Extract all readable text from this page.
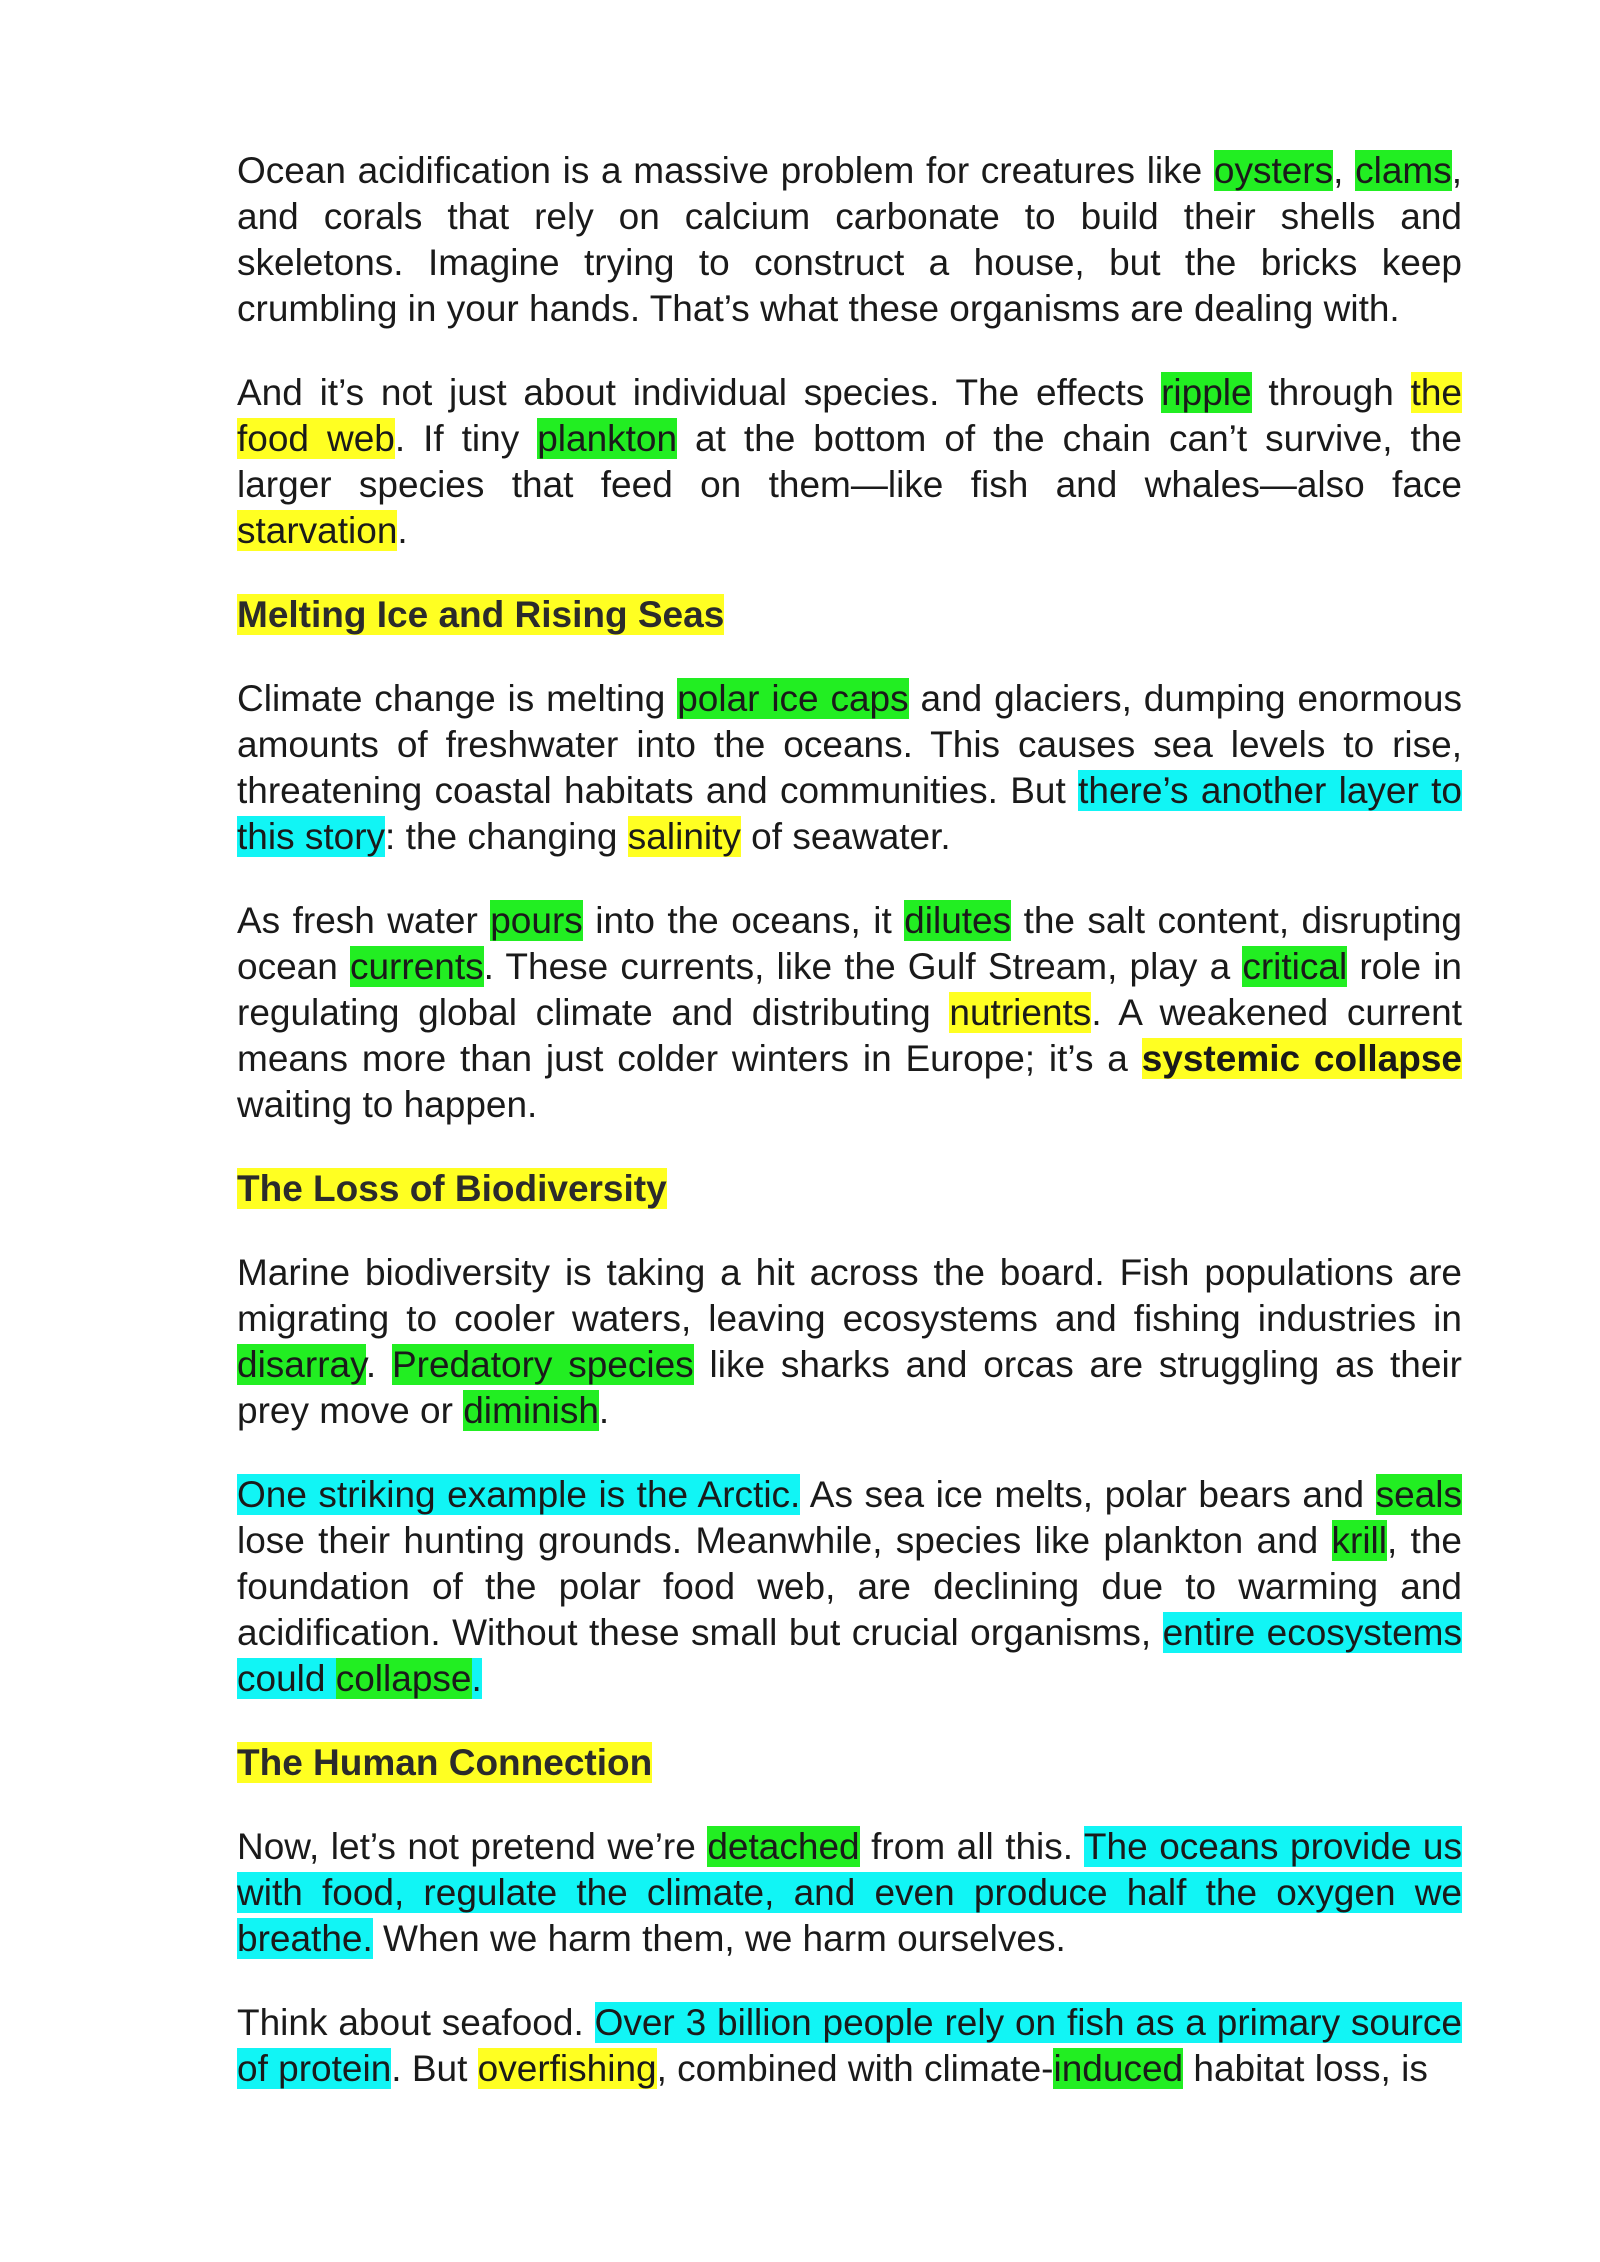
Ocean acidification is a massive problem for creatures like oysters, clams, and corals that rely on calcium carbonate to build their shells and skeletons. Imagine trying to construct a house, but the bricks keep crumbling in your hands. That’s what these organisms are dealing with.

And it’s not just about individual species. The effects ripple through the food web. If tiny plankton at the bottom of the chain can’t survive, the larger species that feed on them—like fish and whales—also face starvation.

Melting Ice and Rising Seas

Climate change is melting polar ice caps and glaciers, dumping enormous amounts of freshwater into the oceans. This causes sea levels to rise, threatening coastal habitats and communities. But there’s another layer to this story: the changing salinity of seawater.

As fresh water pours into the oceans, it dilutes the salt content, disrupting ocean currents. These currents, like the Gulf Stream, play a critical role in regulating global climate and distributing nutrients. A weakened current means more than just colder winters in Europe; it’s a systemic collapse waiting to happen.

The Loss of Biodiversity

Marine biodiversity is taking a hit across the board. Fish populations are migrating to cooler waters, leaving ecosystems and fishing industries in disarray. Predatory species like sharks and orcas are struggling as their prey move or diminish.

One striking example is the Arctic. As sea ice melts, polar bears and seals lose their hunting grounds. Meanwhile, species like plankton and krill, the foundation of the polar food web, are declining due to warming and acidification. Without these small but crucial organisms, entire ecosystems could collapse.

The Human Connection

Now, let’s not pretend we’re detached from all this. The oceans provide us with food, regulate the climate, and even produce half the oxygen we breathe. When we harm them, we harm ourselves.

Think about seafood. Over 3 billion people rely on fish as a primary source of protein. But overfishing, combined with climate-induced habitat loss, is
